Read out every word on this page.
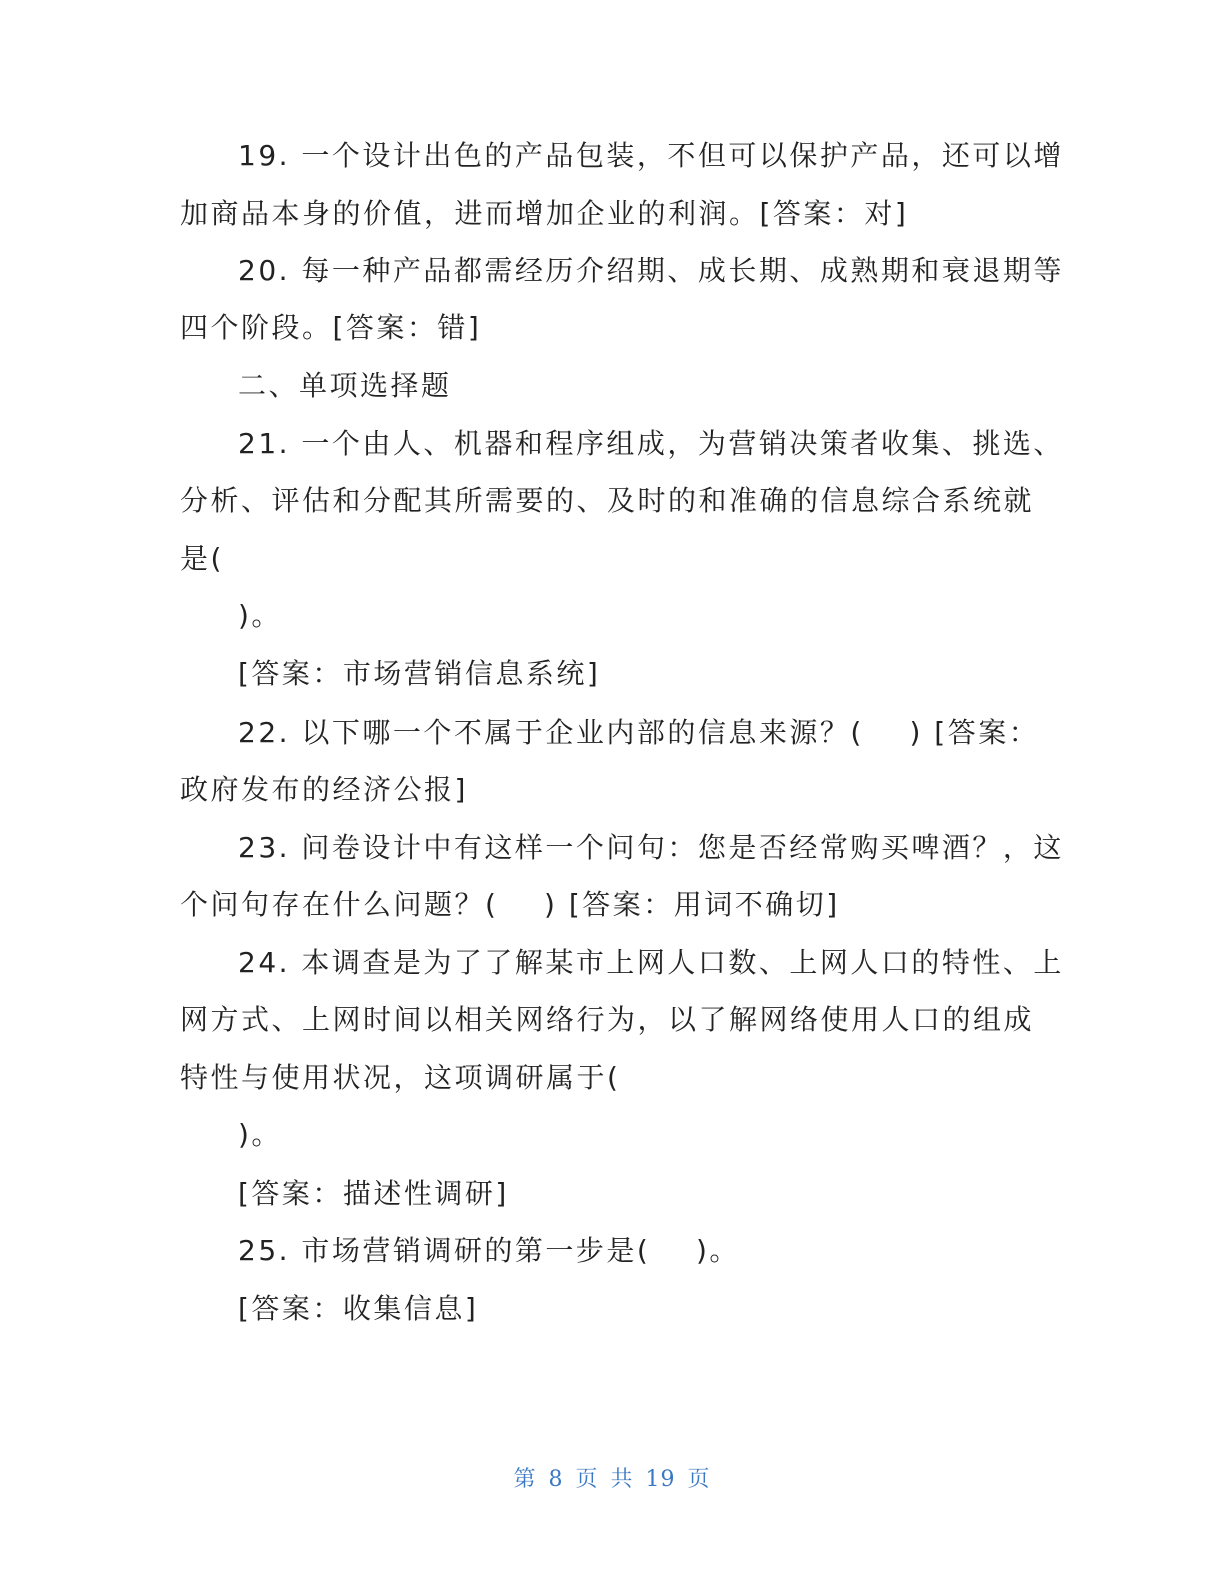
19. 一个设计出色的产品包装，不但可以保护产品，还可以增
加商品本身的价值，进而增加企业的利润。[答案：对]
20. 每一种产品都需经历介绍期、成长期、成熟期和衰退期等
四个阶段。[答案：错]
二、单项选择题
21. 一个由人、机器和程序组成，为营销决策者收集、挑选、
分析、评估和分配其所需要的、及时的和准确的信息综合系统就
是(
)。
[答案：市场营销信息系统]
22. 以下哪一个不属于企业内部的信息来源？(    ) [答案：
政府发布的经济公报]
23. 问卷设计中有这样一个问句：您是否经常购买啤酒？，这
个问句存在什么问题？(    ) [答案：用词不确切]
24. 本调查是为了了解某市上网人口数、上网人口的特性、上
网方式、上网时间以相关网络行为，以了解网络使用人口的组成
特性与使用状况，这项调研属于(
)。
[答案：描述性调研]
25. 市场营销调研的第一步是(    )。
[答案：收集信息]
第 8 页 共 19 页
